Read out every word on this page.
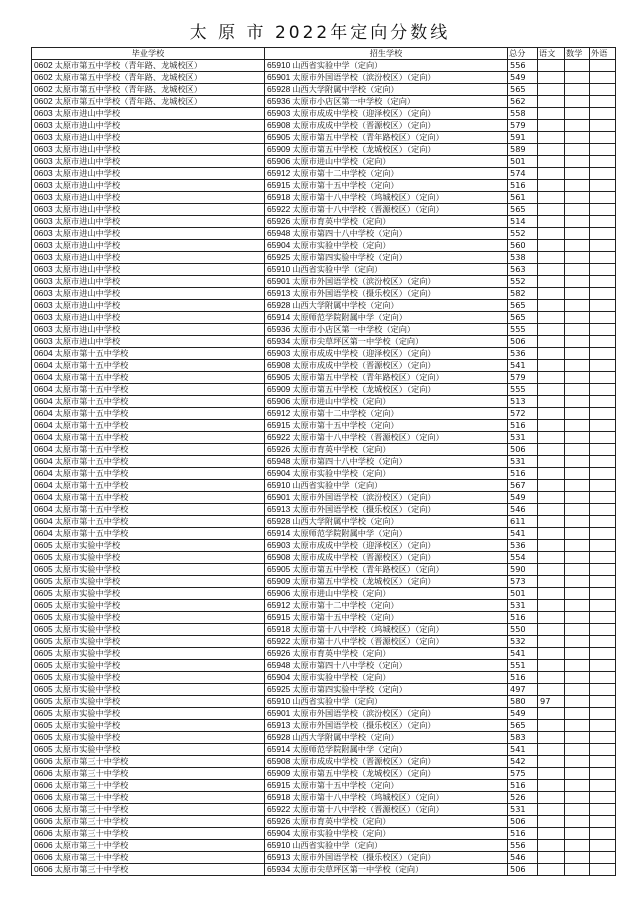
太 原 市 2022年定向分数线
毕业学校	招生学校	总分	语文	数学	外语
0602 太原市第五中学校（青年路、龙城校区）	65910 山西省实验中学（定向）	556			
0602 太原市第五中学校（青年路、龙城校区）	65901 太原市外国语学校（滨汾校区）（定向）	549			
0602 太原市第五中学校（青年路、龙城校区）	65928 山西大学附属中学校（定向）	565			
0602 太原市第五中学校（青年路、龙城校区）	65936 太原市小店区第一中学校（定向）	562			
0603 太原市进山中学校	65903 太原市成成中学校（迎泽校区）（定向）	558			
0603 太原市进山中学校	65908 太原市成成中学校（晋源校区）（定向）	579			
0603 太原市进山中学校	65905 太原市第五中学校（青年路校区）（定向）	591			
0603 太原市进山中学校	65909 太原市第五中学校（龙城校区）（定向）	589			
0603 太原市进山中学校	65906 太原市进山中学校（定向）	501			
0603 太原市进山中学校	65912 太原市第十二中学校（定向）	574			
0603 太原市进山中学校	65915 太原市第十五中学校（定向）	516			
0603 太原市进山中学校	65918 太原市第十八中学校（坞城校区）（定向）	561			
0603 太原市进山中学校	65922 太原市第十八中学校（晋源校区）（定向）	565			
0603 太原市进山中学校	65926 太原市育英中学校（定向）	514			
0603 太原市进山中学校	65948 太原市第四十八中学校（定向）	552			
0603 太原市进山中学校	65904 太原市实验中学校（定向）	560			
0603 太原市进山中学校	65925 太原市第四实验中学校（定向）	538			
0603 太原市进山中学校	65910 山西省实验中学（定向）	563			
0603 太原市进山中学校	65901 太原市外国语学校（滨汾校区）（定向）	552			
0603 太原市进山中学校	65913 太原市外国语学校（摄乐校区）（定向）	582			
0603 太原市进山中学校	65928 山西大学附属中学校（定向）	565			
0603 太原市进山中学校	65914 太原师范学院附属中学（定向）	565			
0603 太原市进山中学校	65936 太原市小店区第一中学校（定向）	555			
0603 太原市进山中学校	65934 太原市尖草坪区第一中学校（定向）	506			
0604 太原市第十五中学校	65903 太原市成成中学校（迎泽校区）（定向）	536			
0604 太原市第十五中学校	65908 太原市成成中学校（晋源校区）（定向）	541			
0604 太原市第十五中学校	65905 太原市第五中学校（青年路校区）（定向）	579			
0604 太原市第十五中学校	65909 太原市第五中学校（龙城校区）（定向）	555			
0604 太原市第十五中学校	65906 太原市进山中学校（定向）	513			
0604 太原市第十五中学校	65912 太原市第十二中学校（定向）	572			
0604 太原市第十五中学校	65915 太原市第十五中学校（定向）	516			
0604 太原市第十五中学校	65922 太原市第十八中学校（晋源校区）（定向）	531			
0604 太原市第十五中学校	65926 太原市育英中学校（定向）	506			
0604 太原市第十五中学校	65948 太原市第四十八中学校（定向）	531			
0604 太原市第十五中学校	65904 太原市实验中学校（定向）	516			
0604 太原市第十五中学校	65910 山西省实验中学（定向）	567			
0604 太原市第十五中学校	65901 太原市外国语学校（滨汾校区）（定向）	549			
0604 太原市第十五中学校	65913 太原市外国语学校（摄乐校区）（定向）	546			
0604 太原市第十五中学校	65928 山西大学附属中学校（定向）	611			
0604 太原市第十五中学校	65914 太原师范学院附属中学（定向）	541			
0605 太原市实验中学校	65903 太原市成成中学校（迎泽校区）（定向）	536			
0605 太原市实验中学校	65908 太原市成成中学校（晋源校区）（定向）	554			
0605 太原市实验中学校	65905 太原市第五中学校（青年路校区）（定向）	590			
0605 太原市实验中学校	65909 太原市第五中学校（龙城校区）（定向）	573			
0605 太原市实验中学校	65906 太原市进山中学校（定向）	501			
0605 太原市实验中学校	65912 太原市第十二中学校（定向）	531			
0605 太原市实验中学校	65915 太原市第十五中学校（定向）	516			
0605 太原市实验中学校	65918 太原市第十八中学校（坞城校区）（定向）	550			
0605 太原市实验中学校	65922 太原市第十八中学校（晋源校区）（定向）	532			
0605 太原市实验中学校	65926 太原市育英中学校（定向）	541			
0605 太原市实验中学校	65948 太原市第四十八中学校（定向）	551			
0605 太原市实验中学校	65904 太原市实验中学校（定向）	516			
0605 太原市实验中学校	65925 太原市第四实验中学校（定向）	497			
0605 太原市实验中学校	65910 山西省实验中学（定向）	580	97		
0605 太原市实验中学校	65901 太原市外国语学校（滨汾校区）（定向）	549			
0605 太原市实验中学校	65913 太原市外国语学校（摄乐校区）（定向）	565			
0605 太原市实验中学校	65928 山西大学附属中学校（定向）	583			
0605 太原市实验中学校	65914 太原师范学院附属中学（定向）	541			
0606 太原市第三十中学校	65908 太原市成成中学校（晋源校区）（定向）	542			
0606 太原市第三十中学校	65909 太原市第五中学校（龙城校区）（定向）	575			
0606 太原市第三十中学校	65915 太原市第十五中学校（定向）	516			
0606 太原市第三十中学校	65918 太原市第十八中学校（坞城校区）（定向）	526			
0606 太原市第三十中学校	65922 太原市第十八中学校（晋源校区）（定向）	531			
0606 太原市第三十中学校	65926 太原市育英中学校（定向）	506			
0606 太原市第三十中学校	65904 太原市实验中学校（定向）	516			
0606 太原市第三十中学校	65910 山西省实验中学（定向）	556			
0606 太原市第三十中学校	65913 太原市外国语学校（摄乐校区）（定向）	546			
0606 太原市第三十中学校	65934 太原市尖草坪区第一中学校（定向）	506			
